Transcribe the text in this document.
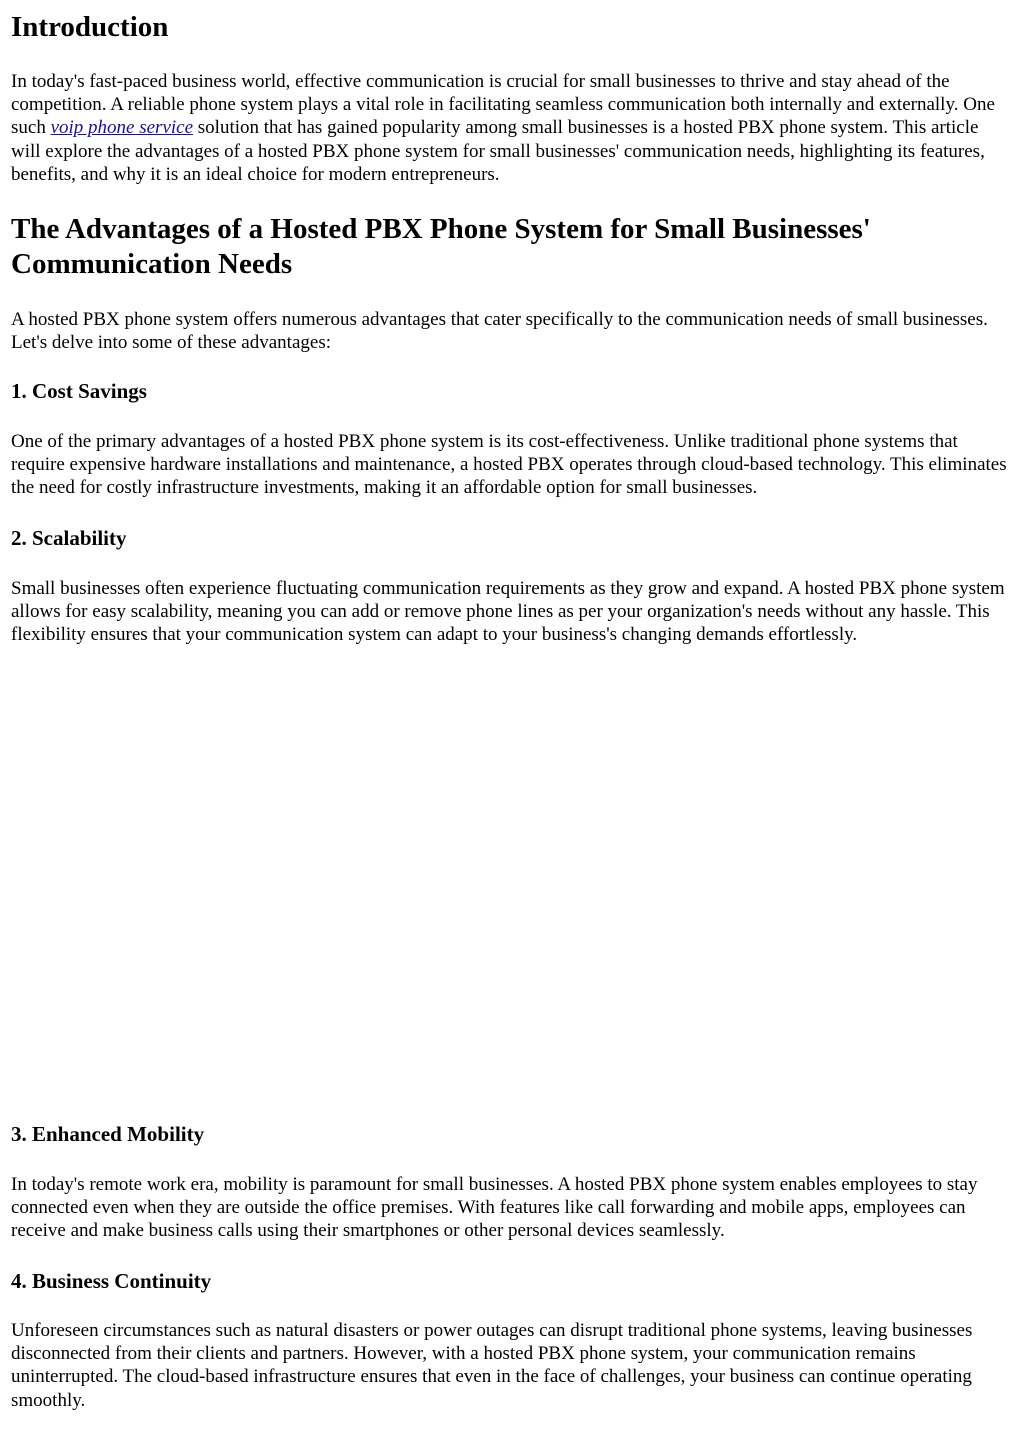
Introduction

In today's fast-paced business world, effective communication is crucial for small businesses to thrive and stay ahead of the competition. A reliable phone system plays a vital role in facilitating seamless communication both internally and externally. One such voip phone service solution that has gained popularity among small businesses is a hosted PBX phone system. This article will explore the advantages of a hosted PBX phone system for small businesses' communication needs, highlighting its features, benefits, and why it is an ideal choice for modern entrepreneurs.

The Advantages of a Hosted PBX Phone System for Small Businesses' Communication Needs

A hosted PBX phone system offers numerous advantages that cater specifically to the communication needs of small businesses. Let's delve into some of these advantages:

1. Cost Savings

One of the primary advantages of a hosted PBX phone system is its cost-effectiveness. Unlike traditional phone systems that require expensive hardware installations and maintenance, a hosted PBX operates through cloud-based technology. This eliminates the need for costly infrastructure investments, making it an affordable option for small businesses.

2. Scalability

Small businesses often experience fluctuating communication requirements as they grow and expand. A hosted PBX phone system allows for easy scalability, meaning you can add or remove phone lines as per your organization's needs without any hassle. This flexibility ensures that your communication system can adapt to your business's changing demands effortlessly.

3. Enhanced Mobility

In today's remote work era, mobility is paramount for small businesses. A hosted PBX phone system enables employees to stay connected even when they are outside the office premises. With features like call forwarding and mobile apps, employees can receive and make business calls using their smartphones or other personal devices seamlessly.

4. Business Continuity

Unforeseen circumstances such as natural disasters or power outages can disrupt traditional phone systems, leaving businesses disconnected from their clients and partners. However, with a hosted PBX phone system, your communication remains uninterrupted. The cloud-based infrastructure ensures that even in the face of challenges, your business can continue operating smoothly.
